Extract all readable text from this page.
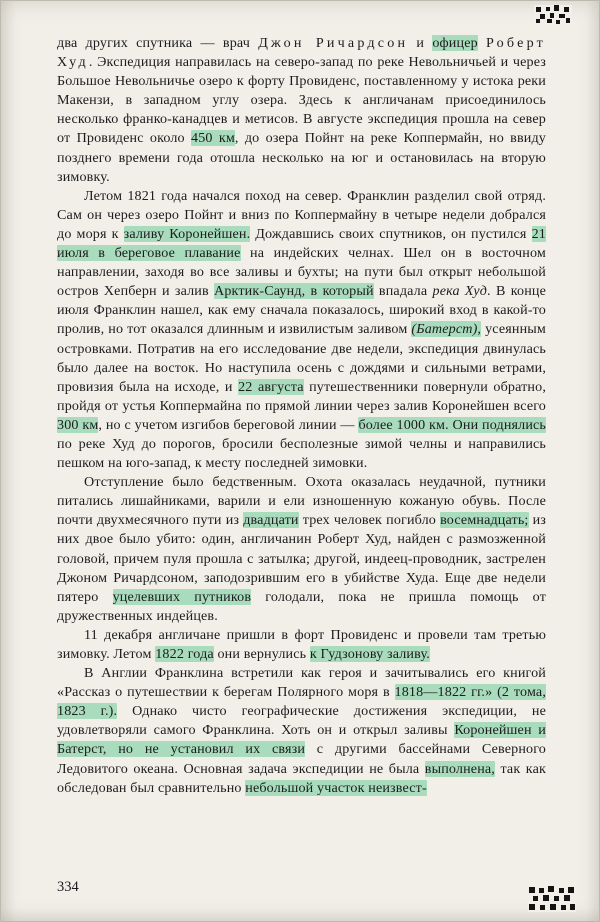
два других спутника — врач Джон Ричардсон и офицер Роберт Худ. Экспедиция направилась на северо-запад по реке Невольничьей и через Большое Невольничье озеро к форту Провиденс, поставленному у истока реки Макензи, в западном углу озера. Здесь к англичанам присоединилось несколько франко-канадцев и метисов. В августе экспедиция прошла на север от Провиденс около 450 км, до озера Пойнт на реке Коппермайн, но ввиду позднего времени года отошла несколько на юг и остановилась на вторую зимовку.

Летом 1821 года начался поход на север. Франклин разделил свой отряд. Сам он через озеро Пойнт и вниз по Коппермайну в четыре недели добрался до моря к заливу Коронейшен. Дождавшись своих спутников, он пустился 21 июля в береговое плавание на индейских челнах. Шел он в восточном направлении, заходя во все заливы и бухты; на пути был открыт небольшой остров Хепберн и залив Арктик-Саунд, в который впадала река Худ. В конце июля Франклин нашел, как ему сначала показалось, широкий вход в какой-то пролив, но тот оказался длинным и извилистым заливом (Батерст), усеянным островками. Потратив на его исследование две недели, экспедиция двинулась было далее на восток. Но наступила осень с дождями и сильными ветрами, провизия была на исходе, и 22 августа путешественники повернули обратно, пройдя от устья Коппермайна по прямой линии через залив Коронейшен всего 300 км, но с учетом изгибов береговой линии — более 1000 км. Они поднялись по реке Худ до порогов, бросили бесполезные зимой челны и направились пешком на юго-запад, к месту последней зимовки.

Отступление было бедственным. Охота оказалась неудачной, путники питались лишайниками, варили и ели изношенную кожаную обувь. После почти двухмесячного пути из двадцати трех человек погибло восемнадцать; из них двое было убито: один, англичанин Роберт Худ, найден с размозженной головой, причем пуля прошла с затылка; другой, индеец-проводник, застрелен Джоном Ричардсоном, заподозрившим его в убийстве Худа. Еще две недели пятеро уцелевших путников голодали, пока не пришла помощь от дружественных индейцев.

11 декабря англичане пришли в форт Провиденс и провели там третью зимовку. Летом 1822 года они вернулись к Гудзонову заливу.

В Англии Франклина встретили как героя и зачитывались его книгой «Рассказ о путешествии к берегам Полярного моря в 1818—1822 гг.» (2 тома, 1823 г.). Однако чисто географические достижения экспедиции, не удовлетворяли самого Франклина. Хоть он и открыл заливы Коронейшен и Батерст, но не установил их связи с другими бассейнами Северного Ледовитого океана. Основная задача экспедиции не была выполнена, так как обследован был сравнительно небольшой участок неизвест-

334
